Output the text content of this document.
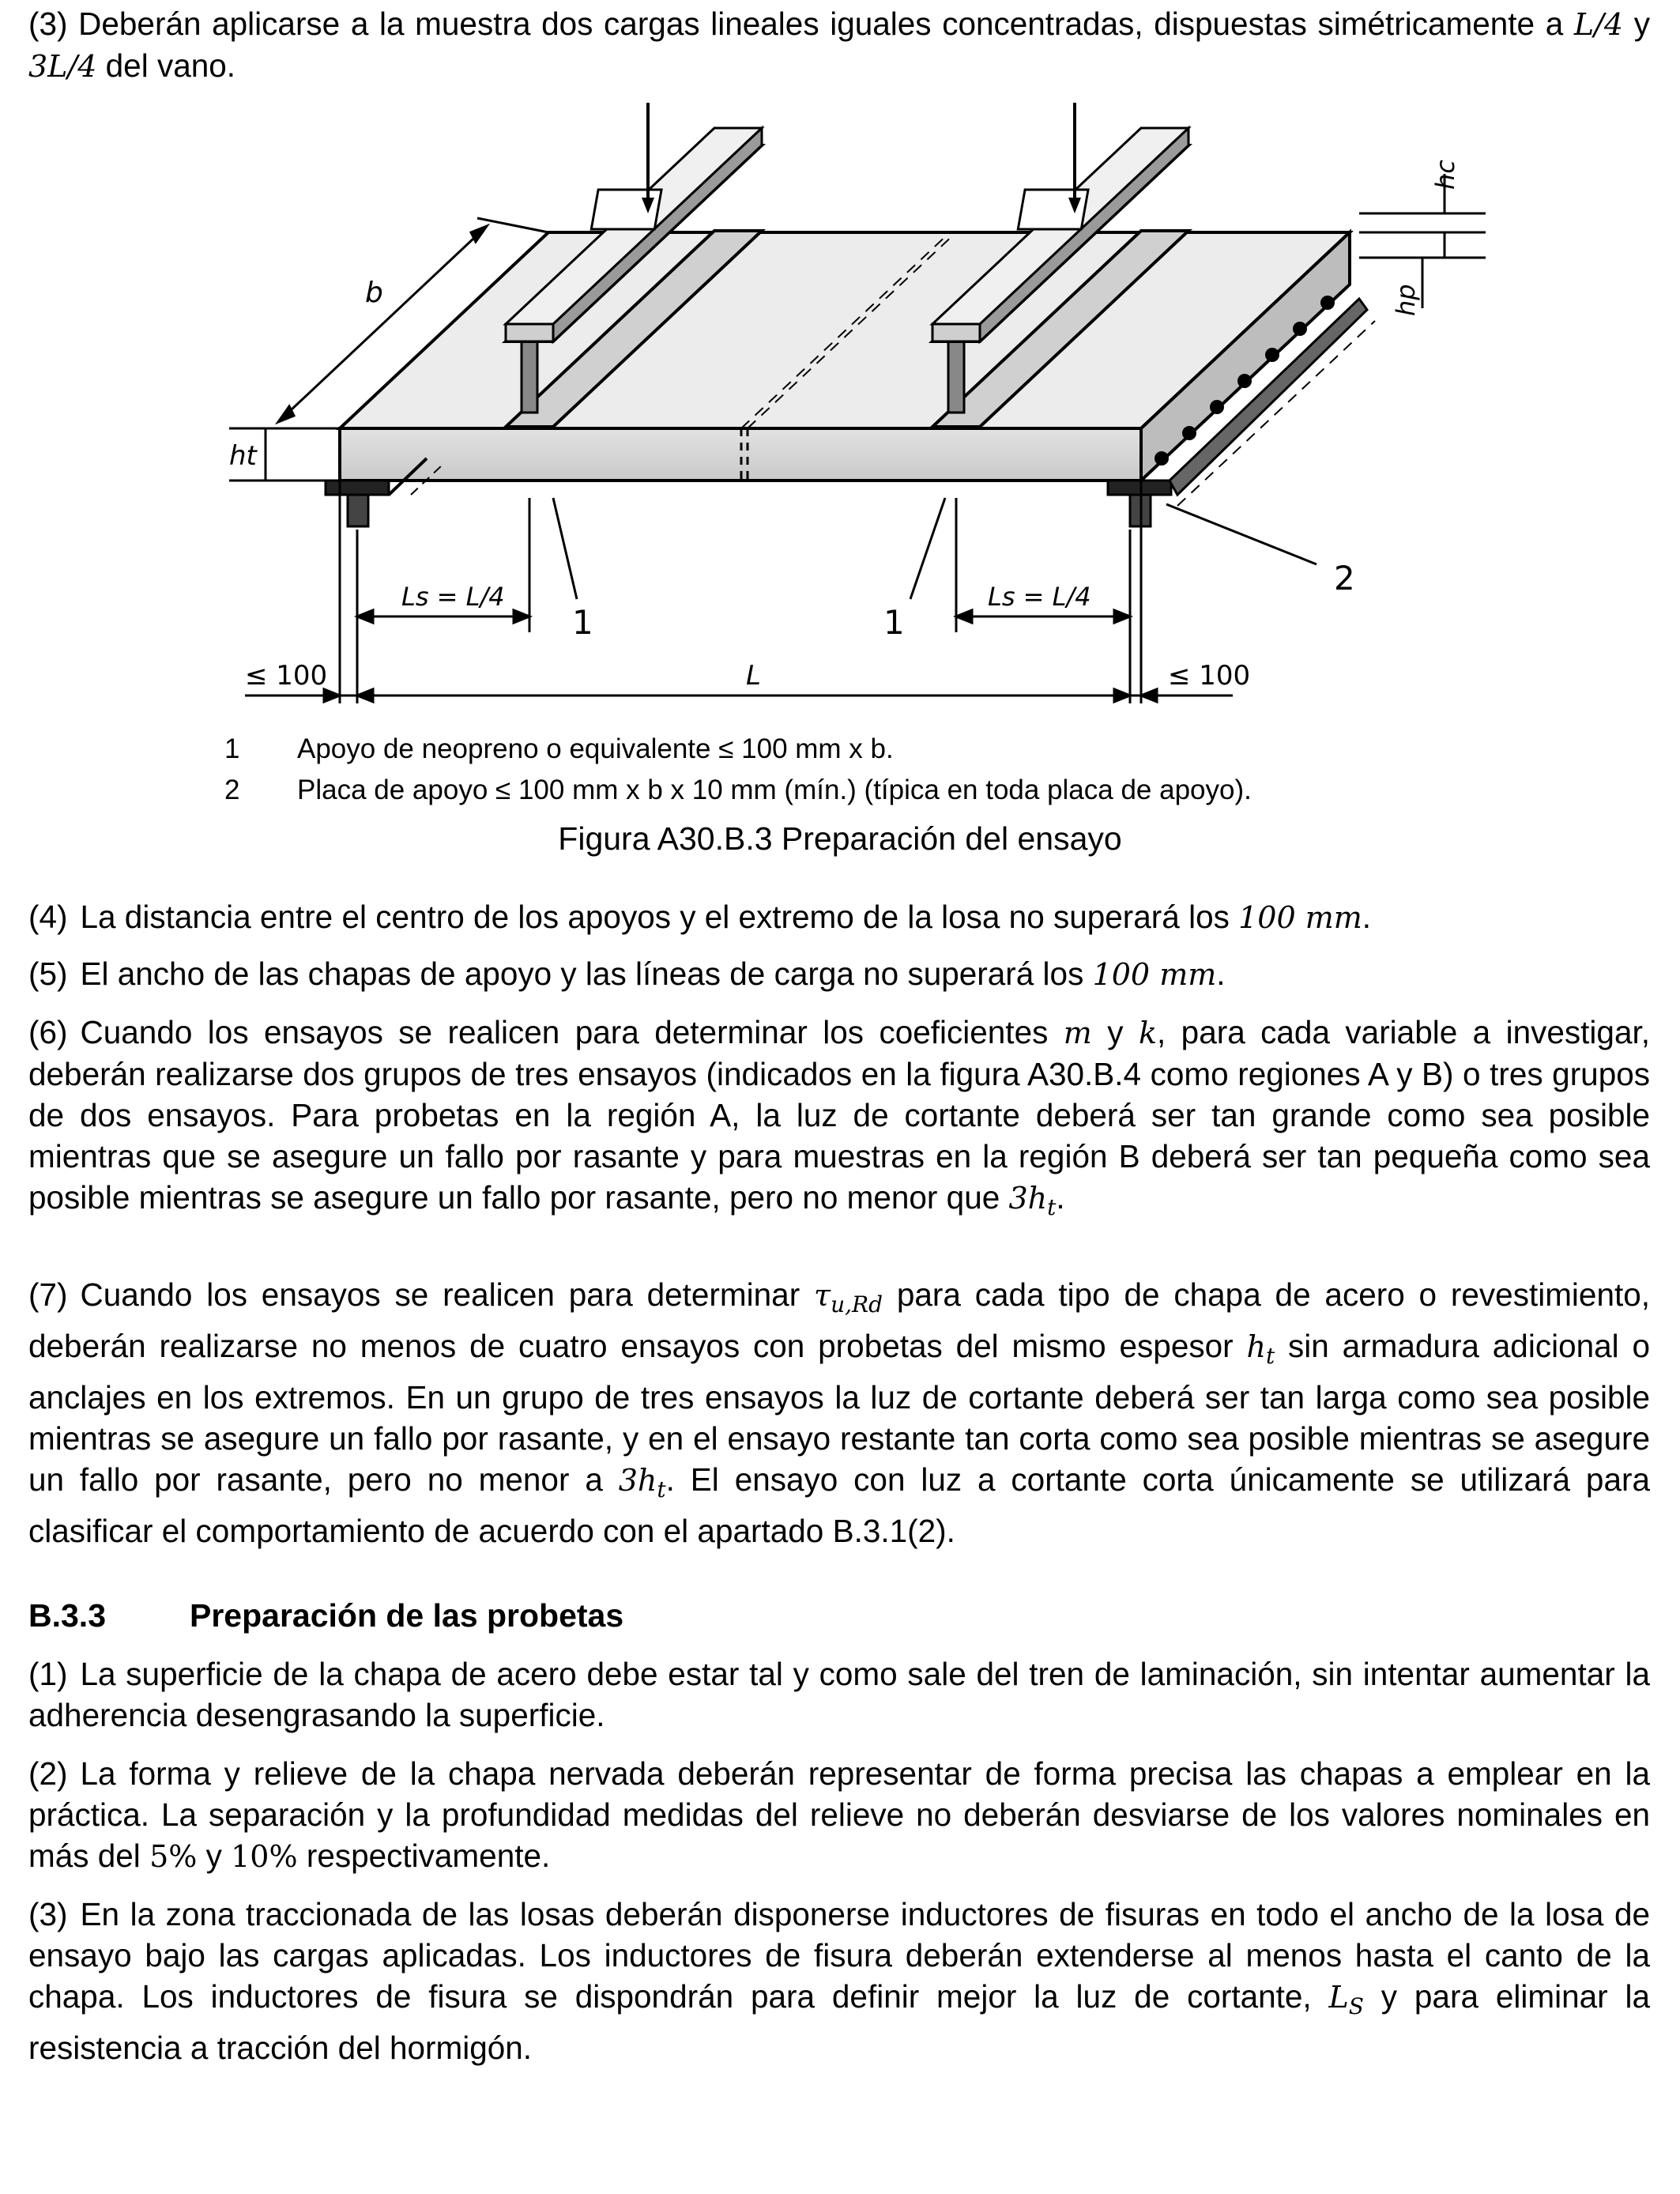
(3) Deberán aplicarse a la muestra dos cargas lineales iguales concentradas, dispuestas simétricamente a L/4 y 3L/4 del vano.

b
ht
hc
hp
1	1
2
Ls = L/4	Ls = L/4
≤ 100	L	≤ 100
1	Apoyo de neopreno o equivalente ≤ 100 mm x b.
2	Placa de apoyo ≤ 100 mm x b x 10 mm (mín.) (típica en toda placa de apoyo).
Figura A30.B.3 Preparación del ensayo

(4) La distancia entre el centro de los apoyos y el extremo de la losa no superará los 100 mm.

(5) El ancho de las chapas de apoyo y las líneas de carga no superará los 100 mm.

(6) Cuando los ensayos se realicen para determinar los coeficientes m y k, para cada variable a investigar, deberán realizarse dos grupos de tres ensayos (indicados en la figura A30.B.4 como regiones A y B) o tres grupos de dos ensayos. Para probetas en la región A, la luz de cortante deberá ser tan grande como sea posible mientras que se asegure un fallo por rasante y para muestras en la región B deberá ser tan pequeña como sea posible mientras se asegure un fallo por rasante, pero no menor que $3h_t$.

(7) Cuando los ensayos se realicen para determinar $\tau_{u,Rd}$ para cada tipo de chapa de acero o revestimiento, deberán realizarse no menos de cuatro ensayos con probetas del mismo espesor $h_t$ sin armadura adicional o anclajes en los extremos. En un grupo de tres ensayos la luz de cortante deberá ser tan larga como sea posible mientras se asegure un fallo por rasante, y en el ensayo restante tan corta como sea posible mientras se asegure un fallo por rasante, pero no menor a $3h_t$. El ensayo con luz a cortante corta únicamente se utilizará para clasificar el comportamiento de acuerdo con el apartado B.3.1(2).

B.3.3	Preparación de las probetas

(1) La superficie de la chapa de acero debe estar tal y como sale del tren de laminación, sin intentar aumentar la adherencia desengrasando la superficie.

(2) La forma y relieve de la chapa nervada deberán representar de forma precisa las chapas a emplear en la práctica. La separación y la profundidad medidas del relieve no deberán desviarse de los valores nominales en más del 5% y 10% respectivamente.

(3) En la zona traccionada de las losas deberán disponerse inductores de fisuras en todo el ancho de la losa de ensayo bajo las cargas aplicadas. Los inductores de fisura deberán extenderse al menos hasta el canto de la chapa. Los inductores de fisura se dispondrán para definir mejor la luz de cortante, $L_S$ y para eliminar la resistencia a tracción del hormigón.
